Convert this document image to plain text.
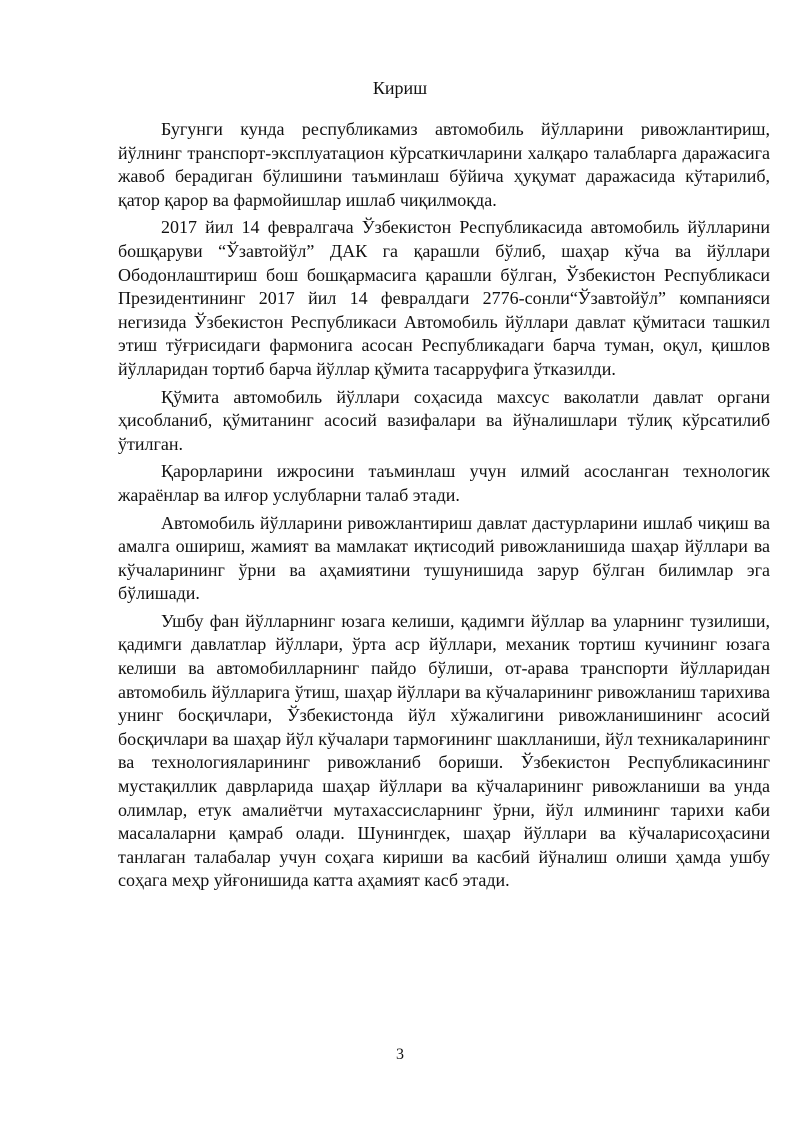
Кириш

Бугунги кунда республикамиз автомобиль йўлларини ривожлантириш, йўлнинг транспорт-эксплуатацион кўрсаткичларини халқаро талабларга даражасига жавоб берадиган бўлишини таъминлаш бўйича ҳуқумат даражасида кўтарилиб, қатор қарор ва фармойишлар ишлаб чиқилмоқда.

2017 йил 14 февралгача Ўзбекистон Республикасида автомобиль йўлларини бошқаруви “Ўзавтойўл” ДАК га қарашли бўлиб, шаҳар кўча ва йўллари Ободонлаштириш бош бошқармасига қарашли бўлган, Ўзбекистон Республикаси Президентининг 2017 йил 14 февралдаги 2776-сонли“Ўзавтойўл” компанияси негизида Ўзбекистон Республикаси Автомобиль йўллари давлат қўмитаси ташкил этиш тўғрисидаги фармонига асосан Республикадаги барча туман, оқул, қишлов йўлларидан тортиб барча йўллар қўмита тасарруфига ўтказилди.

Қўмита автомобиль йўллари соҳасида махсус ваколатли давлат органи ҳисобланиб, қўмитанинг асосий вазифалари ва йўналишлари тўлиқ кўрсатилиб ўтилган.

Қарорларини ижросини таъминлаш учун илмий асосланган технологик жараёнлар ва илғор услубларни талаб этади.

Автомобиль йўлларини ривожлантириш давлат дастурларини ишлаб чиқиш ва амалга ошириш, жамият ва мамлакат иқтисодий ривожланишида шаҳар йўллари ва кўчаларининг ўрни ва аҳамиятини тушунишида зарур бўлган билимлар эга бўлишади.

Ушбу фан йўлларнинг юзага келиши, қадимги йўллар ва уларнинг тузилиши, қадимги давлатлар йўллари, ўрта аср йўллари, механик тортиш кучининг юзага келиши ва автомобилларнинг пайдо бўлиши, от-арава транспорти йўлларидан автомобиль йўлларига ўтиш, шаҳар йўллари ва кўчаларининг ривожланиш тарихива унинг босқичлари, Ўзбекистонда йўл хўжалигини ривожланишининг асосий босқичлари ва шаҳар йўл кўчалари тармоғининг шаклланиши, йўл техникаларининг ва технологияларининг ривожланиб бориши. Ўзбекистон Республикасининг мустақиллик даврларида шаҳар йўллари ва кўчаларининг ривожланиши ва унда олимлар, етук амалиётчи мутахассисларнинг ўрни, йўл илмининг тарихи каби масалаларни қамраб олади. Шунингдек, шаҳар йўллари ва кўчаларисоҳасини танлаган талабалар учун соҳага кириши ва касбий йўналиш олиши ҳамда ушбу соҳага меҳр уйғонишида катта аҳамият касб этади.

3
